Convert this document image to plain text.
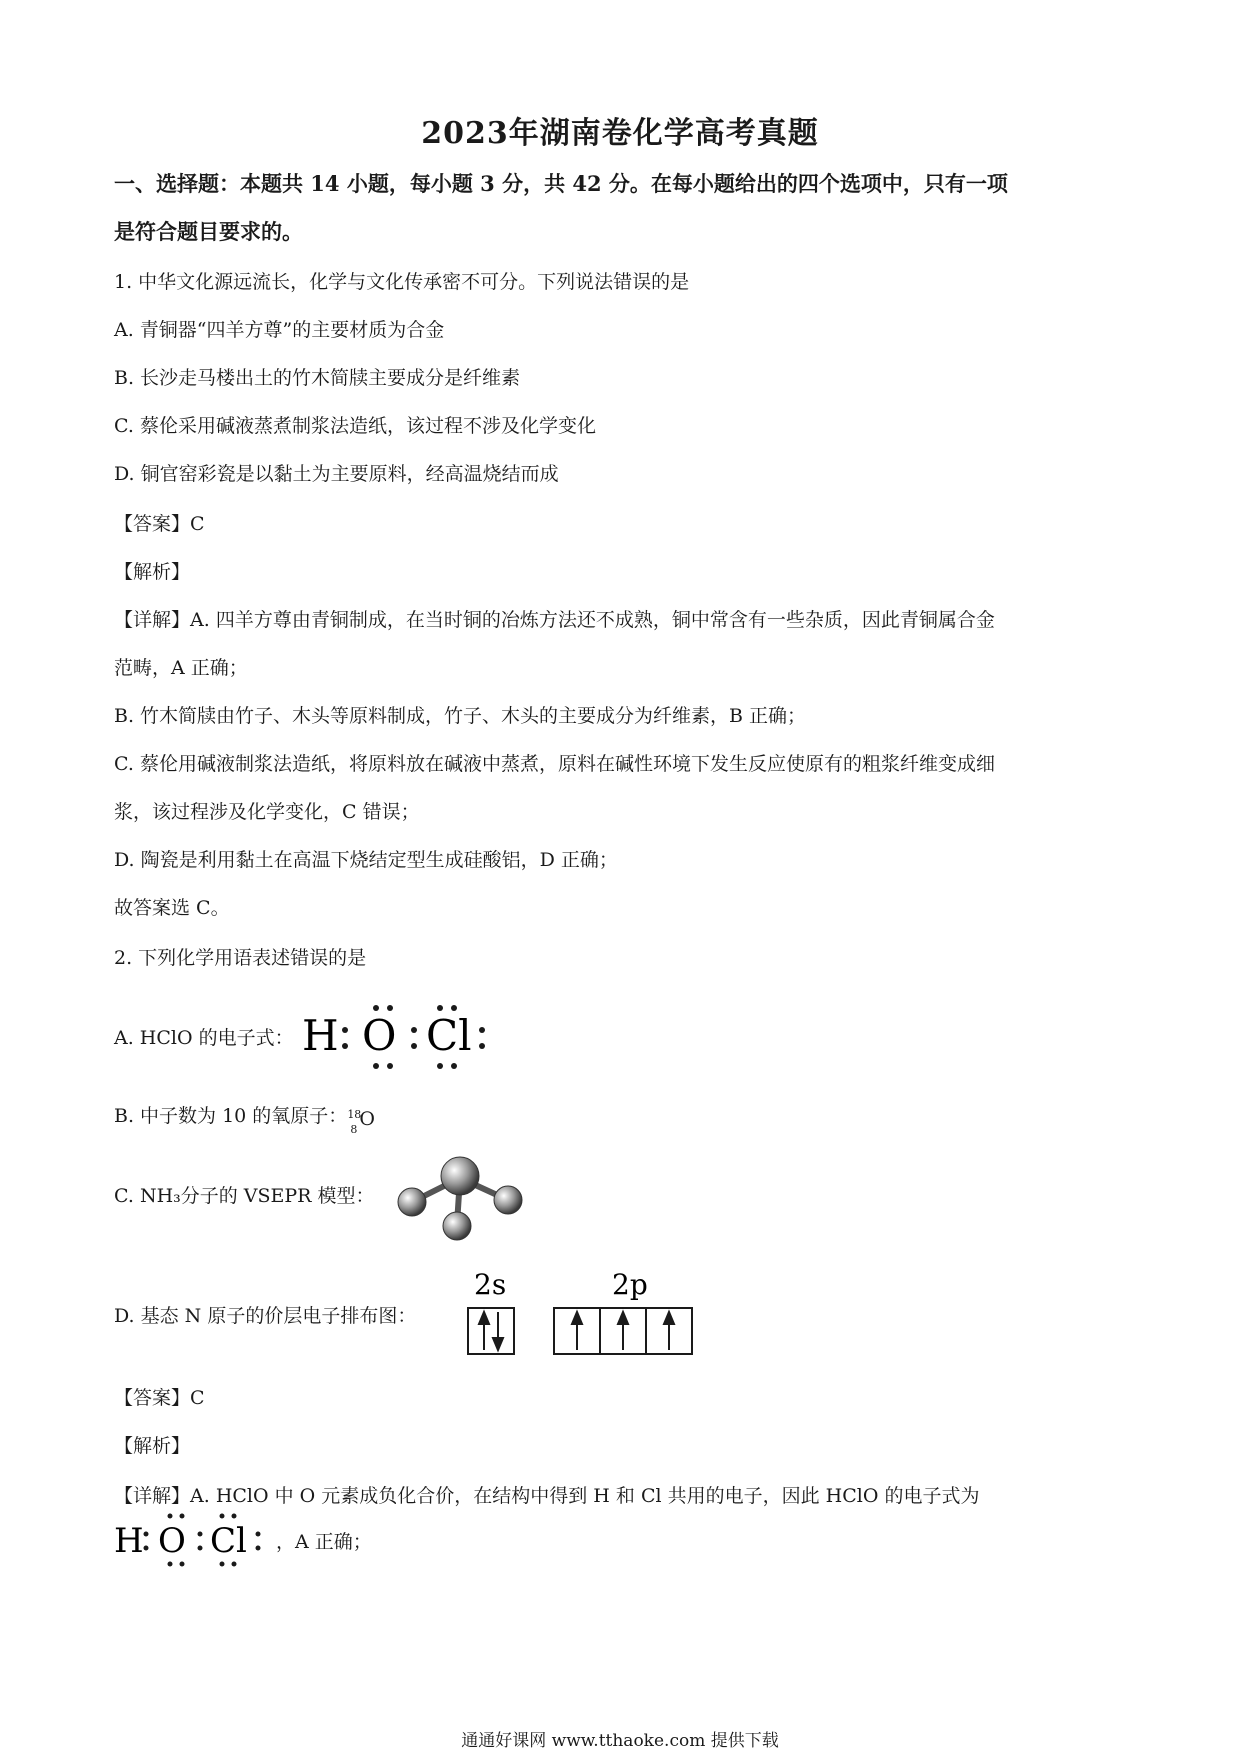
2023年湖南卷化学高考真题
一、选择题：本题共 14 小题，每小题 3 分，共 42 分。在每小题给出的四个选项中，只有一项
是符合题目要求的。
1. 中华文化源远流长，化学与文化传承密不可分。下列说法错误的是
A. 青铜器“四羊方尊”的主要材质为合金
B. 长沙走马楼出土的竹木简牍主要成分是纤维素
C. 蔡伦采用碱液蒸煮制浆法造纸，该过程不涉及化学变化
D. 铜官窑彩瓷是以黏土为主要原料，经高温烧结而成
【答案】C
【解析】
【详解】A. 四羊方尊由青铜制成，在当时铜的冶炼方法还不成熟，铜中常含有一些杂质，因此青铜属合金
范畴，A 正确；
B. 竹木简牍由竹子、木头等原料制成，竹子、木头的主要成分为纤维素，B 正确；
C. 蔡伦用碱液制浆法造纸，将原料放在碱液中蒸煮，原料在碱性环境下发生反应使原有的粗浆纤维变成细
浆，该过程涉及化学变化，C 错误；
D. 陶瓷是利用黏土在高温下烧结定型生成硅酸铝，D 正确；
故答案选 C。
2. 下列化学用语表述错误的是
A. HClO 的电子式： H O Cl
B. 中子数为 10 的氧原子： 18
8 O
C. NH₃分子的 VSEPR 模型：
D. 基态 N 原子的价层电子排布图：
2s	2p
【答案】C
【解析】
【详解】A. HClO 中 O 元素成负化合价，在结构中得到 H 和 Cl 共用的电子，因此 HClO 的电子式为
H O Cl ，A 正确；
通通好课网 www.tthaoke.com 提供下载
